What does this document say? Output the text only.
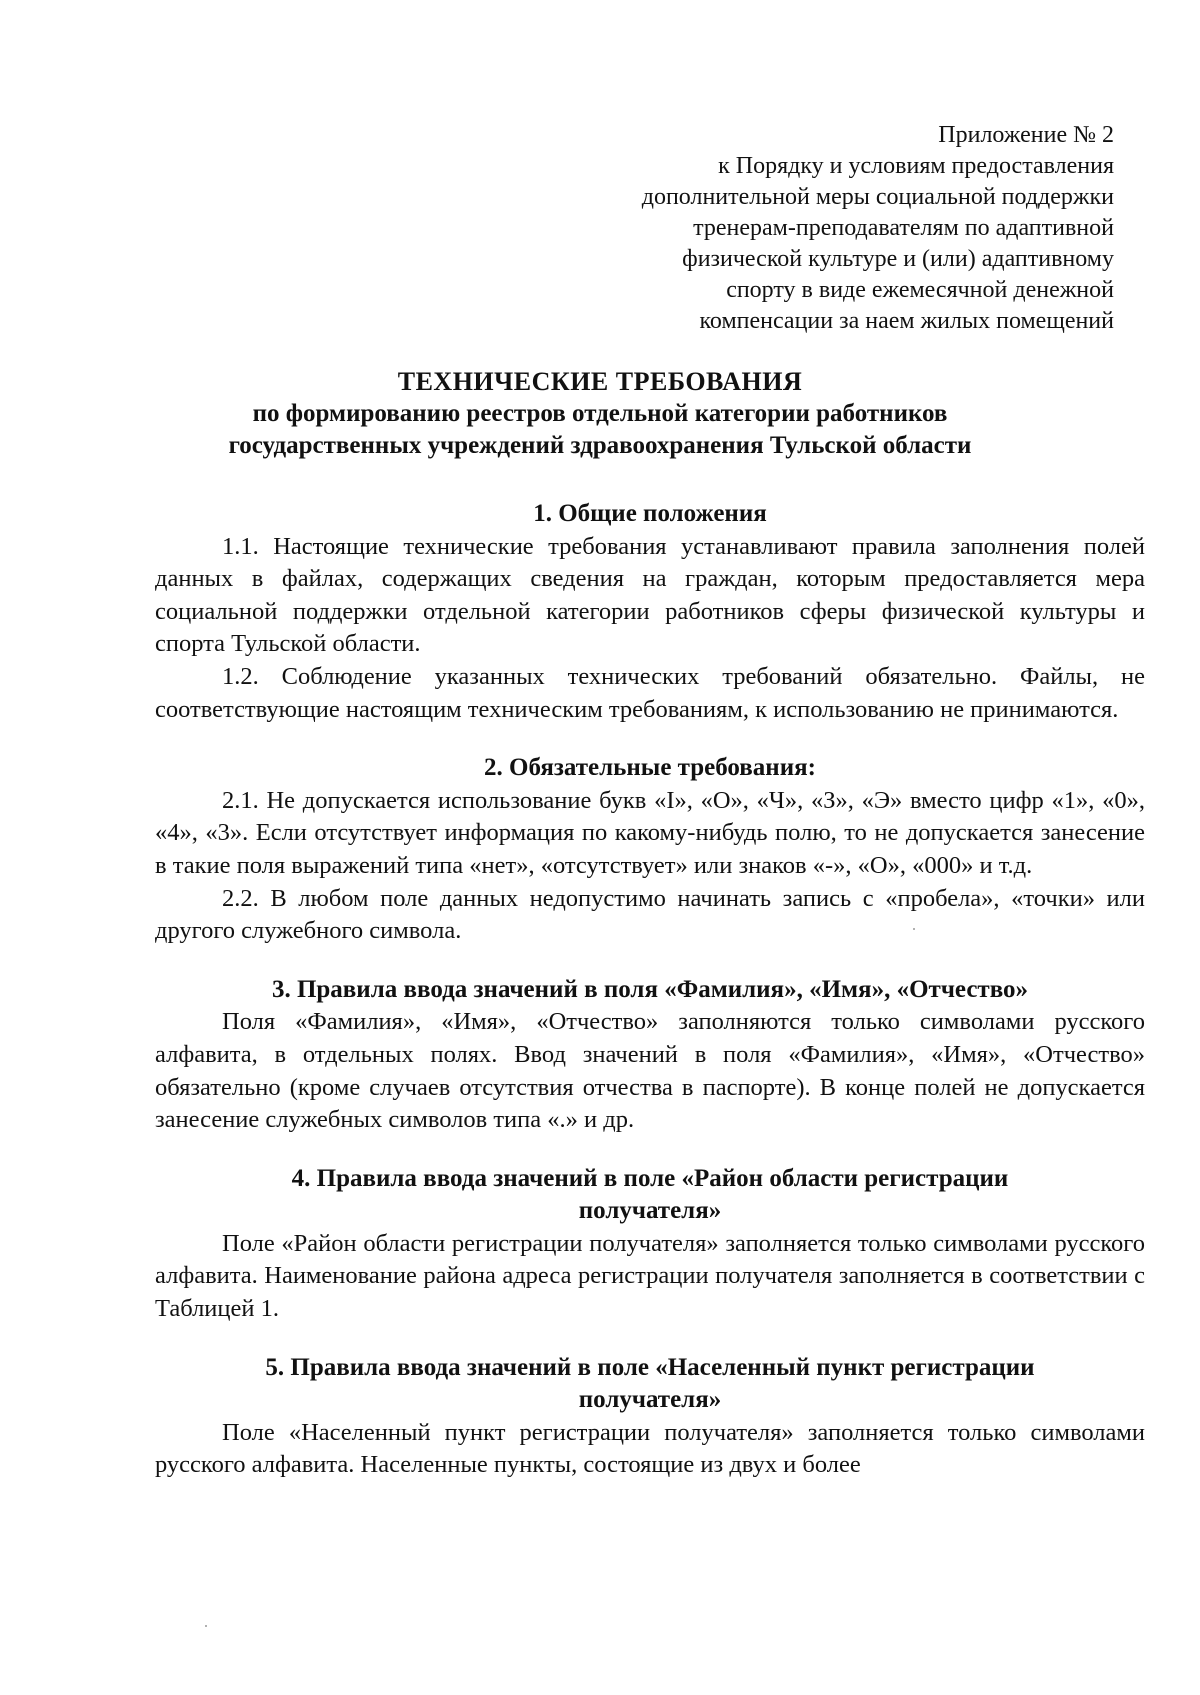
Приложение № 2
к Порядку и условиям предоставления
дополнительной меры социальной поддержки
тренерам-преподавателям по адаптивной
физической культуре и (или) адаптивному
спорту в виде ежемесячной денежной
компенсации за наем жилых помещений
ТЕХНИЧЕСКИЕ ТРЕБОВАНИЯ
по формированию реестров отдельной категории работников
государственных учреждений здравоохранения Тульской области
1. Общие положения

1.1. Настоящие технические требования устанавливают правила заполнения полей данных в файлах, содержащих сведения на граждан, которым предоставляется мера социальной поддержки отдельной категории работников сферы физической культуры и спорта Тульской области.

1.2. Соблюдение указанных технических требований обязательно. Файлы, не соответствующие настоящим техническим требованиям, к использованию не принимаются.

2. Обязательные требования:

2.1. Не допускается использование букв «I», «O», «Ч», «З», «Э» вместо цифр «1», «0», «4», «3». Если отсутствует информация по какому-нибудь полю, то не допускается занесение в такие поля выражений типа «нет», «отсутствует» или знаков «-», «O», «000» и т.д.

2.2. В любом поле данных недопустимо начинать запись с «пробела», «точки» или другого служебного символа.

3. Правила ввода значений в поля «Фамилия», «Имя», «Отчество»

Поля «Фамилия», «Имя», «Отчество» заполняются только символами русского алфавита, в отдельных полях. Ввод значений в поля «Фамилия», «Имя», «Отчество» обязательно (кроме случаев отсутствия отчества в паспорте). В конце полей не допускается занесение служебных символов типа «.» и др.

4. Правила ввода значений в поле «Район области регистрации
получателя»

Поле «Район области регистрации получателя» заполняется только символами русского алфавита. Наименование района адреса регистрации получателя заполняется в соответствии с Таблицей 1.

5. Правила ввода значений в поле «Населенный пункт регистрации
получателя»

Поле «Населенный пункт регистрации получателя» заполняется только символами русского алфавита. Населенные пункты, состоящие из двух и более
